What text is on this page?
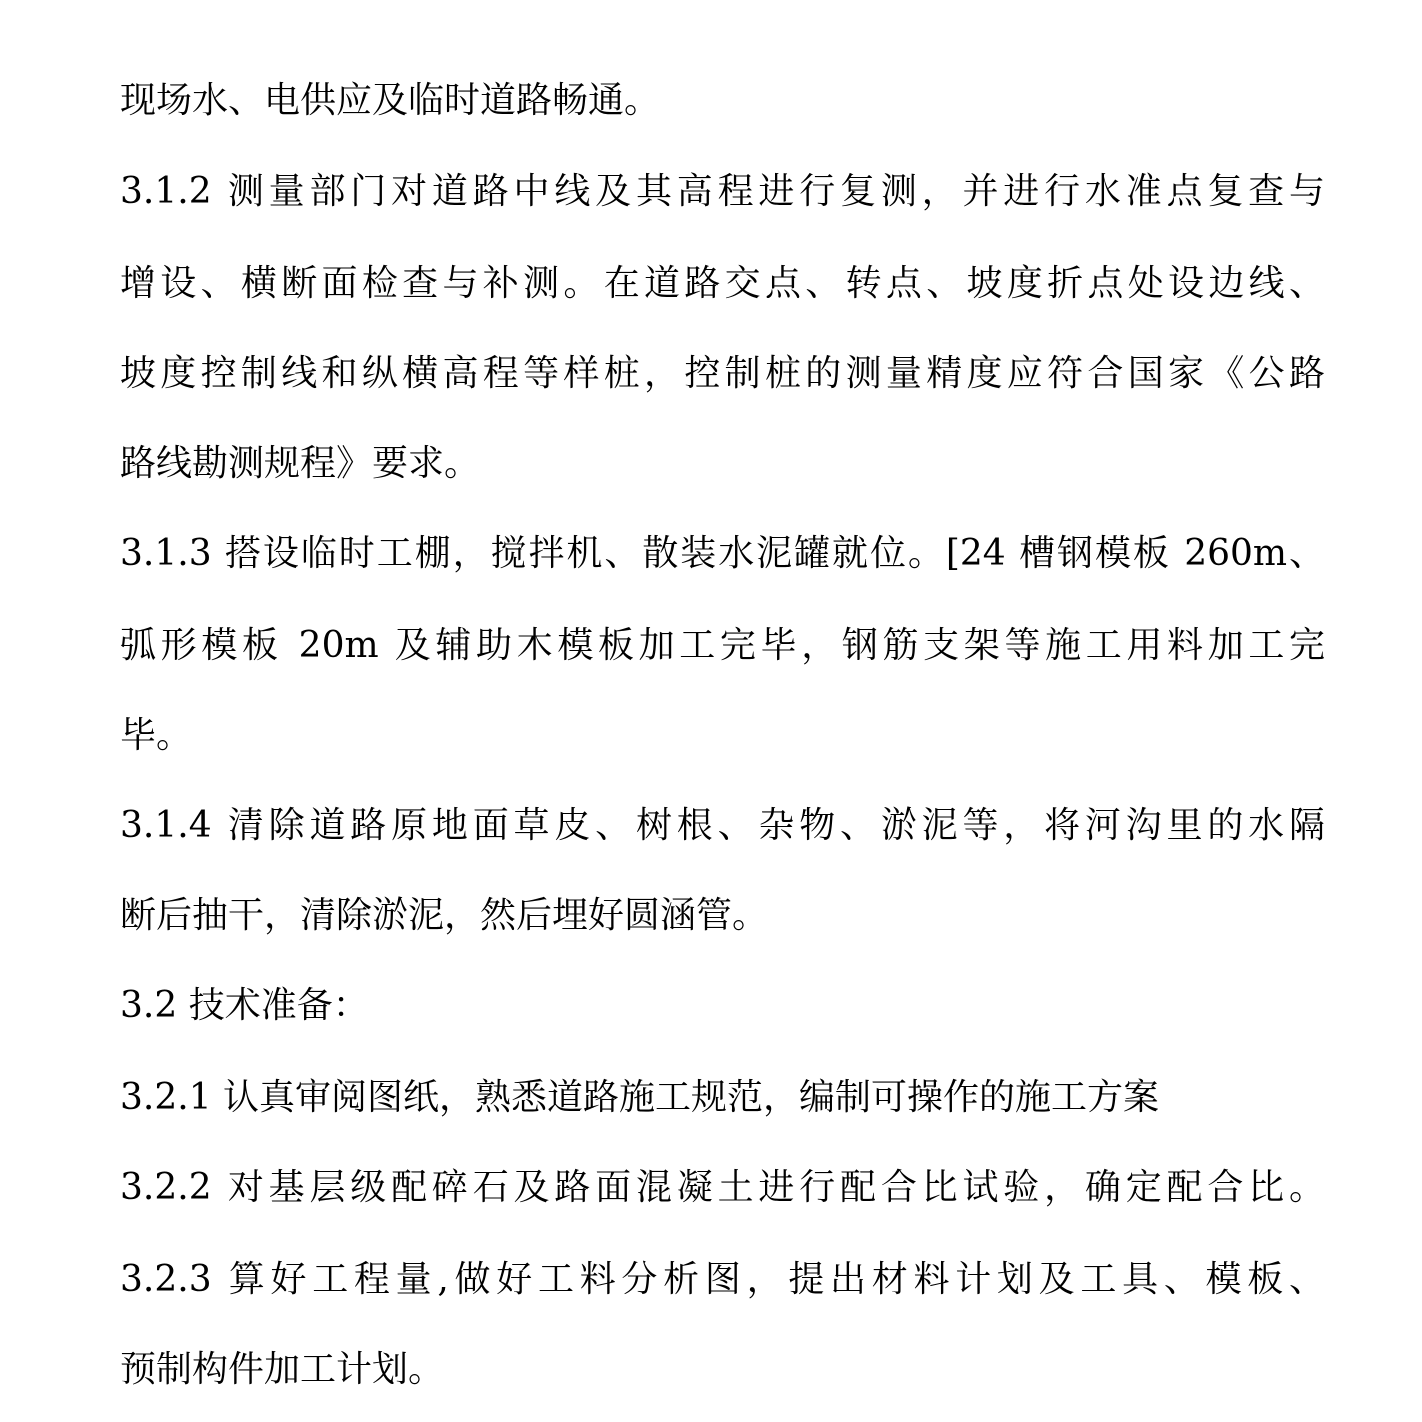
现场水、电供应及临时道路畅通。
3.1.2 测量部门对道路中线及其高程进行复测，并进行水准点复查与
增设、横断面检查与补测。在道路交点、转点、坡度折点处设边线、
坡度控制线和纵横高程等样桩，控制桩的测量精度应符合国家《公路
路线勘测规程》要求。
3.1.3 搭设临时工棚，搅拌机、散装水泥罐就位。[24 槽钢模板 260m、
弧形模板 20m 及辅助木模板加工完毕，钢筋支架等施工用料加工完
毕。
3.1.4 清除道路原地面草皮、树根、杂物、淤泥等，将河沟里的水隔
断后抽干，清除淤泥，然后埋好圆涵管。
3.2 技术准备：
3.2.1 认真审阅图纸，熟悉道路施工规范，编制可操作的施工方案
3.2.2 对基层级配碎石及路面混凝土进行配合比试验，确定配合比。
3.2.3 算好工程量,做好工料分析图，提出材料计划及工具、模板、
预制构件加工计划。
